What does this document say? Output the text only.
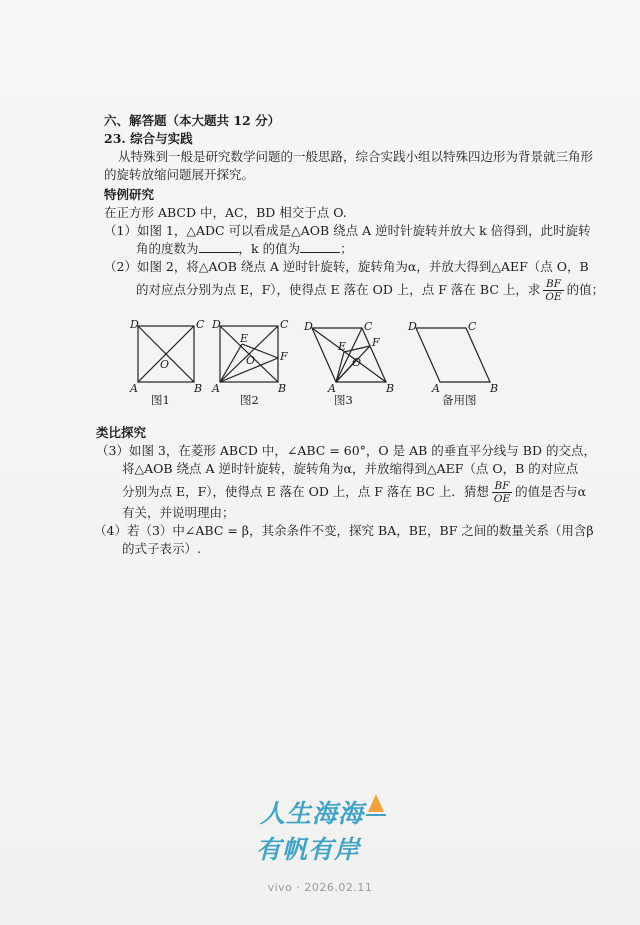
六、解答题（本大题共 12 分）
23. 综合与实践
从特殊到一般是研究数学问题的一般思路，综合实践小组以特殊四边形为背景就三角形
的旋转放缩问题展开探究。
特例研究
在正方形 ABCD 中，AC，BD 相交于点 O.
（1）如图 1，△ADC 可以看成是△AOB 绕点 A 逆时针旋转并放大 k 倍得到，此时旋转
角的度数为	，k 的值为	；
（2）如图 2，将△AOB 绕点 A 逆时针旋转，旋转角为α，并放大得到△AEF（点 O，B
的对应点分别为点 E，F），使得点 E 落在 OD 上，点 F 落在 BC 上，求 $\frac{BF}{OE}$ 的值；
D	C
A	B
O
图1
D	C
A	B
E
F
O
图2
D	C
A	B
E F
O
图3
D	C
A	B
备用图
类比探究
（3）如图 3，在菱形 ABCD 中，∠ABC = 60°，O 是 AB 的垂直平分线与 BD 的交点，
将△AOB 绕点 A 逆时针旋转，旋转角为α，并放缩得到△AEF（点 O，B 的对应点
分别为点 E，F），使得点 E 落在 OD 上，点 F 落在 BC 上．猜想 $\frac{BF}{OE}$ 的值是否与α
有关，并说明理由；
（4）若（3）中∠ABC = β，其余条件不变，探究 BA，BE，BF 之间的数量关系（用含β
的式子表示）.
人生海海
有帆有岸
vivo · 2026.02.11
